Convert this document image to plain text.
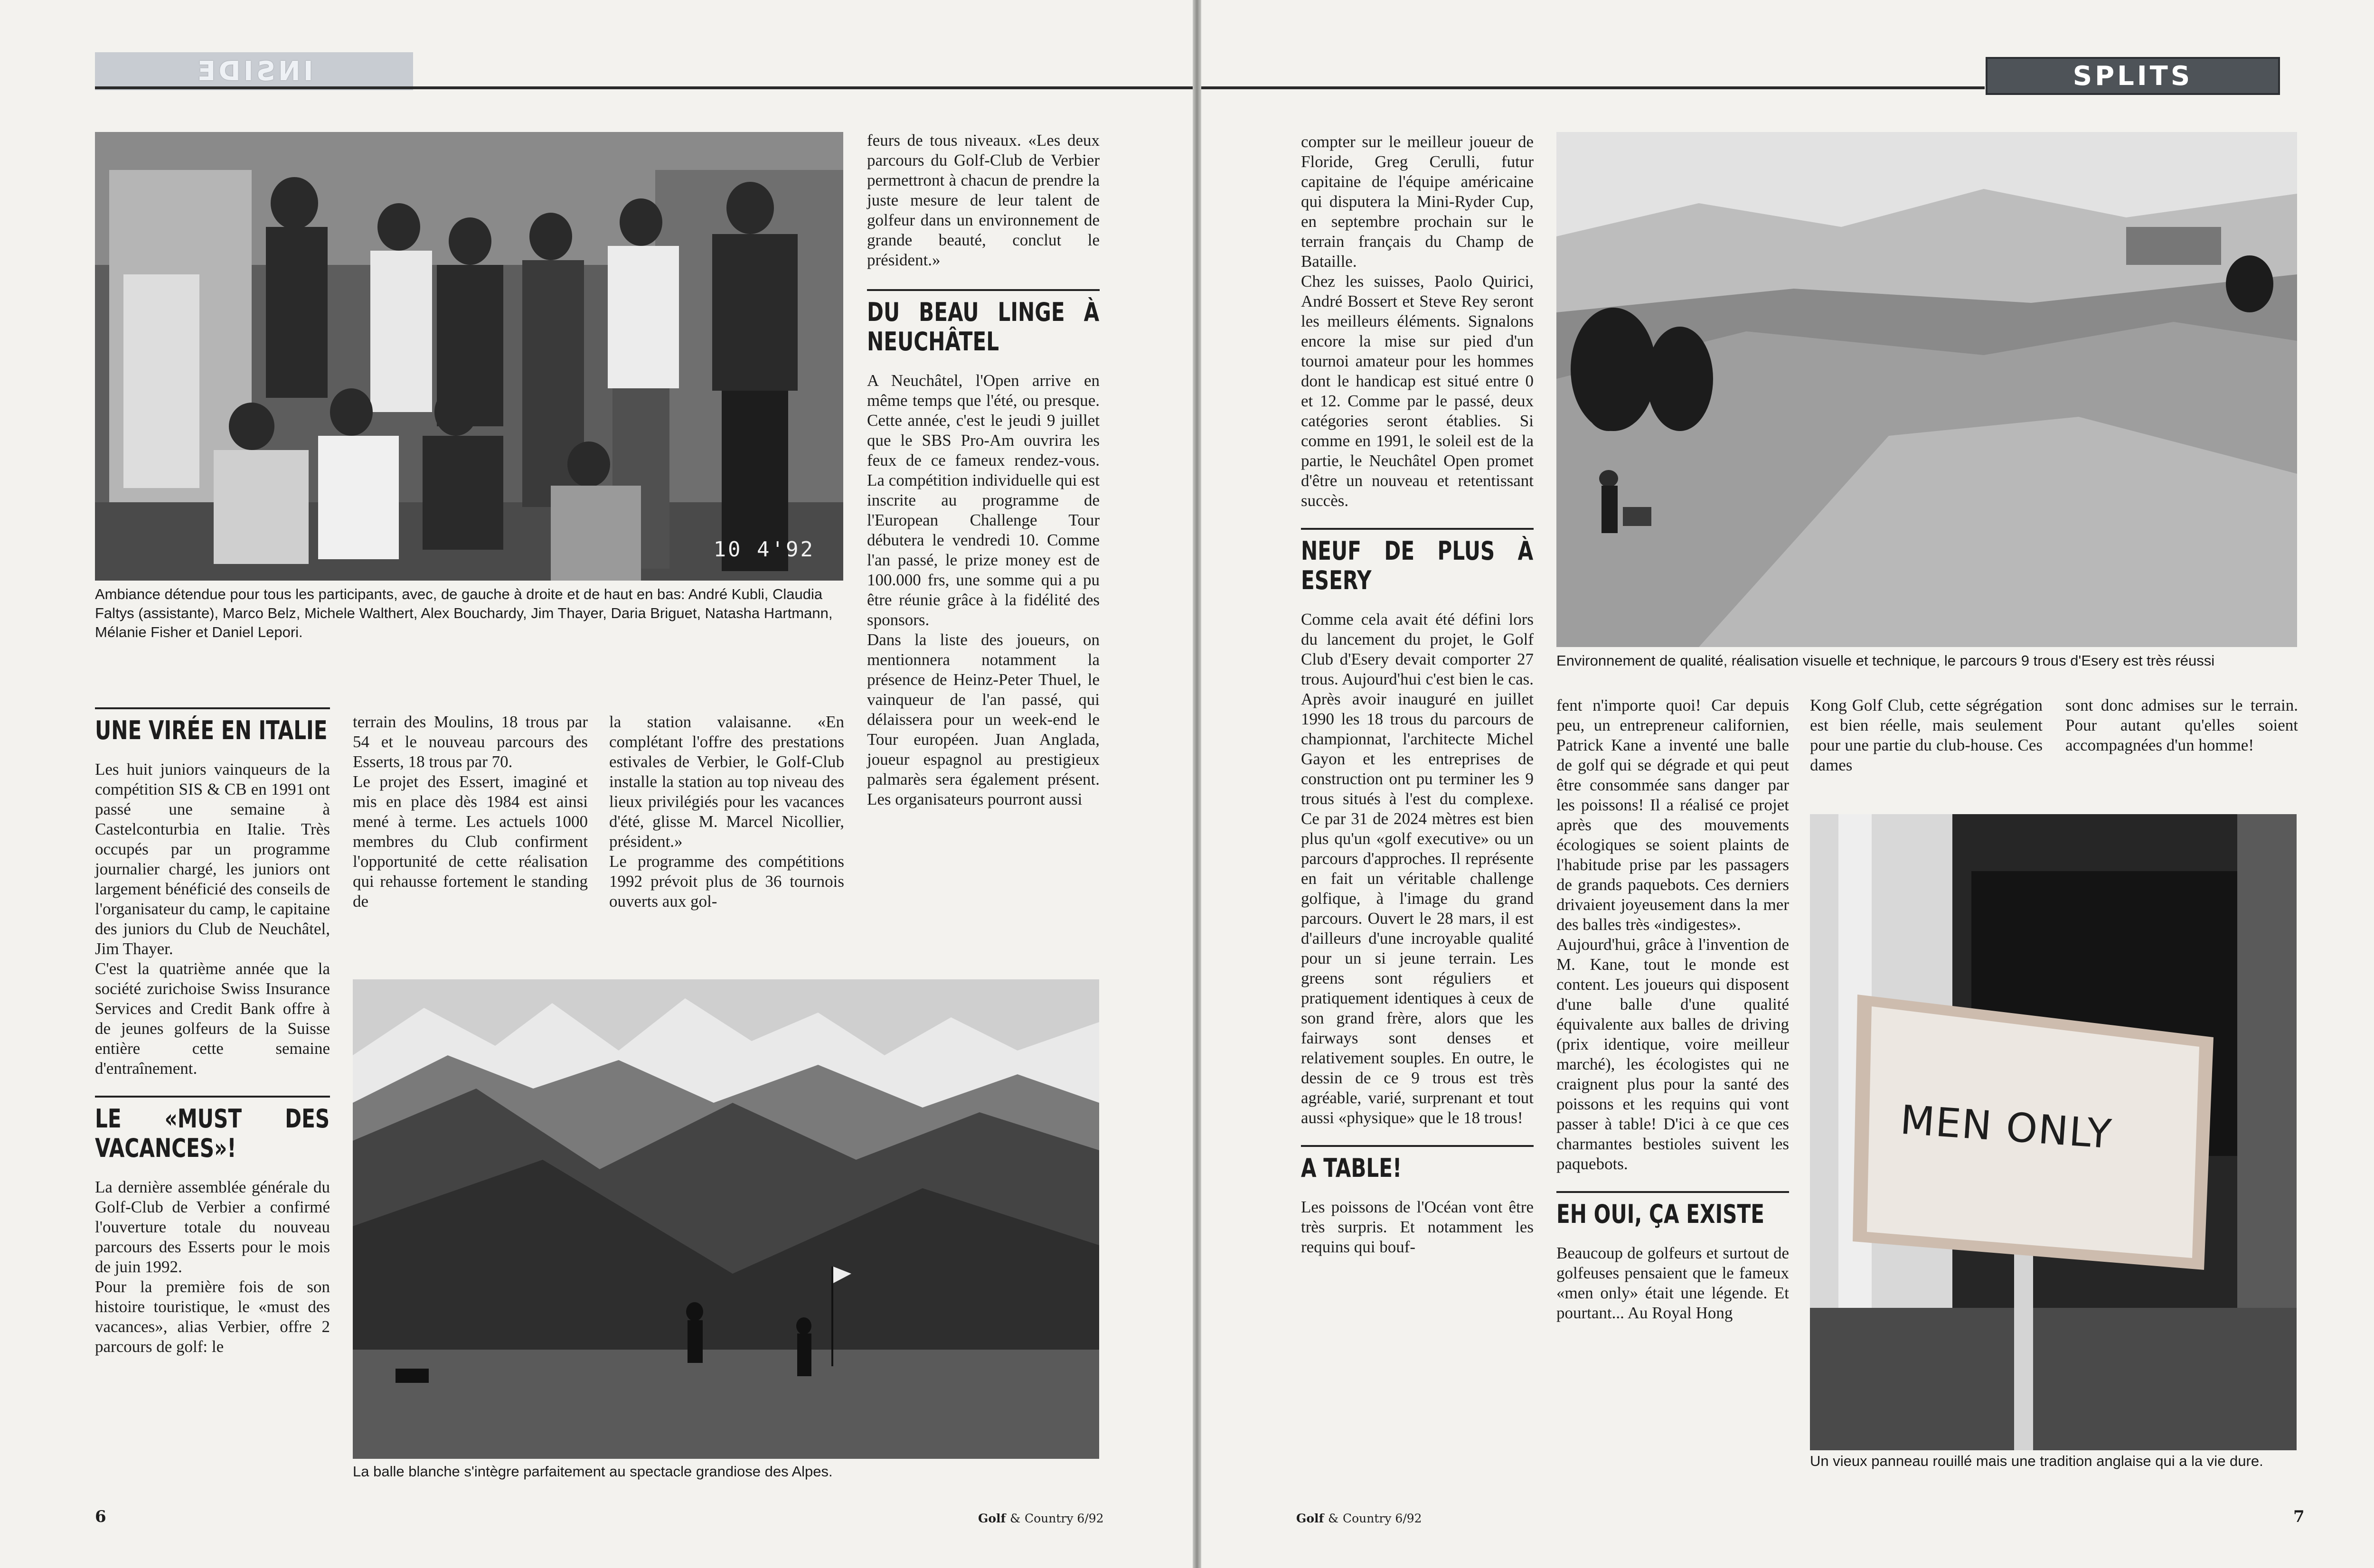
INSIDE
10 4'92
Ambiance détendue pour tous les participants, avec, de gauche à droite et de haut en bas: André Kubli, Claudia Faltys (assistante), Marco Belz, Michele Walthert, Alex Bouchardy, Jim Thayer, Daria Briguet, Natasha Hartmann, Mélanie Fisher et Daniel Lepori.
UNE VIRÉE EN ITALIE

Les huit juniors vainqueurs de la compétition SIS & CB en 1991 ont passé une semaine à Castelconturbia en Italie. Très occupés par un programme journalier chargé, les juniors ont largement bénéficié des conseils de l'organisateur du camp, le capitaine des juniors du Club de Neuchâtel, Jim Thayer.

C'est la quatrième année que la société zurichoise Swiss Insurance Services and Credit Bank offre à de jeunes golfeurs de la Suisse entière cette semaine d'entraînement.

LE «MUST DES VACANCES»!

La dernière assemblée générale du Golf-Club de Verbier a confirmé l'ouverture totale du nouveau parcours des Esserts pour le mois de juin 1992.

Pour la première fois de son histoire touristique, le «must des vacances», alias Verbier, offre 2 parcours de golf: le

terrain des Moulins, 18 trous par 54 et le nouveau parcours des Esserts, 18 trous par 70.

Le projet des Essert, imaginé et mis en place dès 1984 est ainsi mené à terme. Les actuels 1000 membres du Club confirment l'opportunité de cette réalisation qui rehausse fortement le standing de

la station valaisanne. «En complétant l'offre des prestations estivales de Verbier, le Golf-Club installe la station au top niveau des lieux privilégiés pour les vacances d'été, glisse M. Marcel Nicollier, président.»

Le programme des compétitions 1992 prévoit plus de 36 tournois ouverts aux gol-

feurs de tous niveaux. «Les deux parcours du Golf-Club de Verbier permettront à chacun de prendre la juste mesure de leur talent de golfeur dans un environnement de grande beauté, conclut le président.»

DU BEAU LINGE À NEUCHÂTEL

A Neuchâtel, l'Open arrive en même temps que l'été, ou presque. Cette année, c'est le jeudi 9 juillet que le SBS Pro-Am ouvrira les feux de ce fameux rendez-vous. La compétition individuelle qui est inscrite au programme de l'European Challenge Tour débutera le vendredi 10. Comme l'an passé, le prize money est de 100.000 frs, une somme qui a pu être réunie grâce à la fidélité des sponsors.

Dans la liste des joueurs, on mentionnera notamment la présence de Heinz-Peter Thuel, le vainqueur de l'an passé, qui délaissera pour un week-end le Tour européen. Juan Anglada, joueur espagnol au prestigieux palmarès sera également présent. Les organisateurs pourront aussi

La balle blanche s'intègre parfaitement au spectacle grandiose des Alpes.
6	Golf & Country 6/92
SPLITS

compter sur le meilleur joueur de Floride, Greg Cerulli, futur capitaine de l'équipe américaine qui disputera la Mini-Ryder Cup, en septembre prochain sur le terrain français du Champ de Bataille.

Chez les suisses, Paolo Quirici, André Bossert et Steve Rey seront les meilleurs éléments. Signalons encore la mise sur pied d'un tournoi amateur pour les hommes dont le handicap est situé entre 0 et 12. Comme par le passé, deux catégories seront établies. Si comme en 1991, le soleil est de la partie, le Neuchâtel Open promet d'être un nouveau et retentissant succès.

NEUF DE PLUS À ESERY

Comme cela avait été défini lors du lancement du projet, le Golf Club d'Esery devait comporter 27 trous. Aujourd'hui c'est bien le cas. Après avoir inauguré en juillet 1990 les 18 trous du parcours de championnat, l'architecte Michel Gayon et les entreprises de construction ont pu terminer les 9 trous situés à l'est du complexe. Ce par 31 de 2024 mètres est bien plus qu'un «golf executive» ou un parcours d'approches. Il représente en fait un véritable challenge golfique, à l'image du grand parcours. Ouvert le 28 mars, il est d'ailleurs d'une incroyable qualité pour un si jeune terrain. Les greens sont réguliers et pratiquement identiques à ceux de son grand frère, alors que les fairways sont denses et relativement souples. En outre, le dessin de ce 9 trous est très agréable, varié, surprenant et tout aussi «physique» que le 18 trous!

A TABLE!

Les poissons de l'Océan vont être très surpris. Et notamment les requins qui bouf-

Environnement de qualité, réalisation visuelle et technique, le parcours 9 trous d'Esery est très réussi

fent n'importe quoi! Car depuis peu, un entrepreneur californien, Patrick Kane a inventé une balle de golf qui se dégrade et qui peut être consommée sans danger par les poissons! Il a réalisé ce projet après que des mouvements écologiques se soient plaints de l'habitude prise par les passagers de grands paquebots. Ces derniers drivaient joyeusement dans la mer des balles très «indigestes».

Aujourd'hui, grâce à l'invention de M. Kane, tout le monde est content. Les joueurs qui disposent d'une balle d'une qualité équivalente aux balles de driving (prix identique, voire meilleur marché), les écologistes qui ne craignent plus pour la santé des poissons et les requins qui vont passer à table! D'ici à ce que ces charmantes bestioles suivent les paquebots.

EH OUI, ÇA EXISTE

Beaucoup de golfeurs et surtout de golfeuses pensaient que le fameux «men only» était une légende. Et pourtant... Au Royal Hong

Kong Golf Club, cette ségrégation est bien réelle, mais seulement pour une partie du club-house. Ces dames

sont donc admises sur le terrain. Pour autant qu'elles soient accompagnées d'un homme!

MEN ONLY
Un vieux panneau rouillé mais une tradition anglaise qui a la vie dure.
Golf & Country 6/92	7
